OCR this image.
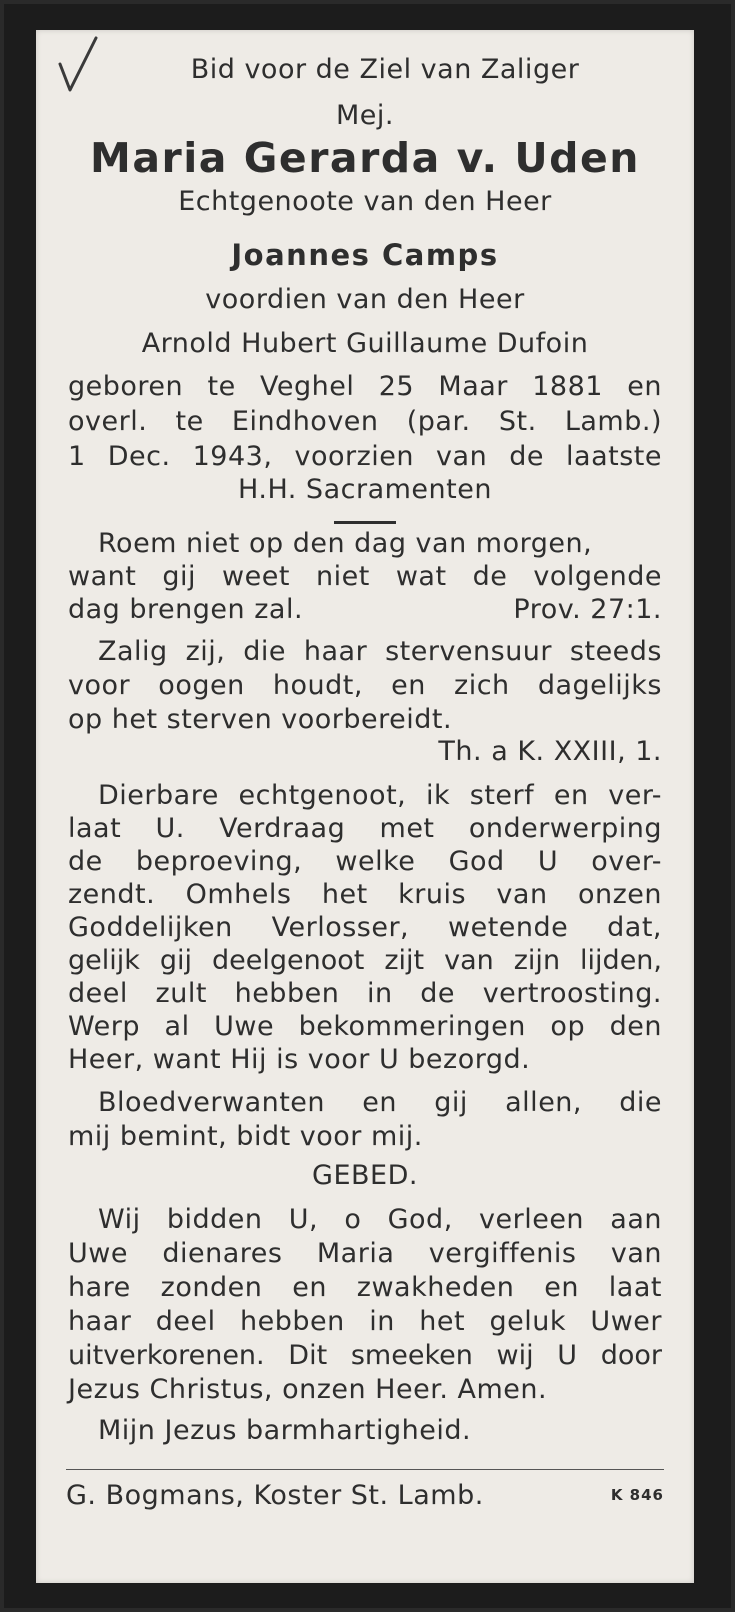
Bid voor de Ziel van Zaliger
Mej.
Maria Gerarda v. Uden
Echtgenoote van den Heer
Joannes Camps
voordien van den Heer
Arnold Hubert Guillaume Dufoin
geboren te Veghel 25 Maar 1881 en
overl. te Eindhoven (par. St. Lamb.)
1 Dec. 1943, voorzien van de laatste
H.H. Sacramenten
Roem niet op den dag van morgen,
want gij weet niet wat de volgende
dag brengen zal.	Prov. 27:1.
Zalig zij, die haar stervensuur steeds
voor oogen houdt, en zich dagelijks
op het sterven voorbereidt.
Th. a K. XXIII, 1.
Dierbare echtgenoot, ik sterf en ver-
laat U. Verdraag met onderwerping
de beproeving, welke God U over-
zendt. Omhels het kruis van onzen
Goddelijken Verlosser, wetende dat,
gelijk gij deelgenoot zijt van zijn lijden,
deel zult hebben in de vertroosting.
Werp al Uwe bekommeringen op den
Heer, want Hij is voor U bezorgd.
Bloedverwanten en gij allen, die
mij bemint, bidt voor mij.
GEBED.
Wij bidden U, o God, verleen aan
Uwe dienares Maria vergiffenis van
hare zonden en zwakheden en laat
haar deel hebben in het geluk Uwer
uitverkorenen. Dit smeeken wij U door
Jezus Christus, onzen Heer. Amen.
Mijn Jezus barmhartigheid.
G. Bogmans, Koster St. Lamb.	K 846
